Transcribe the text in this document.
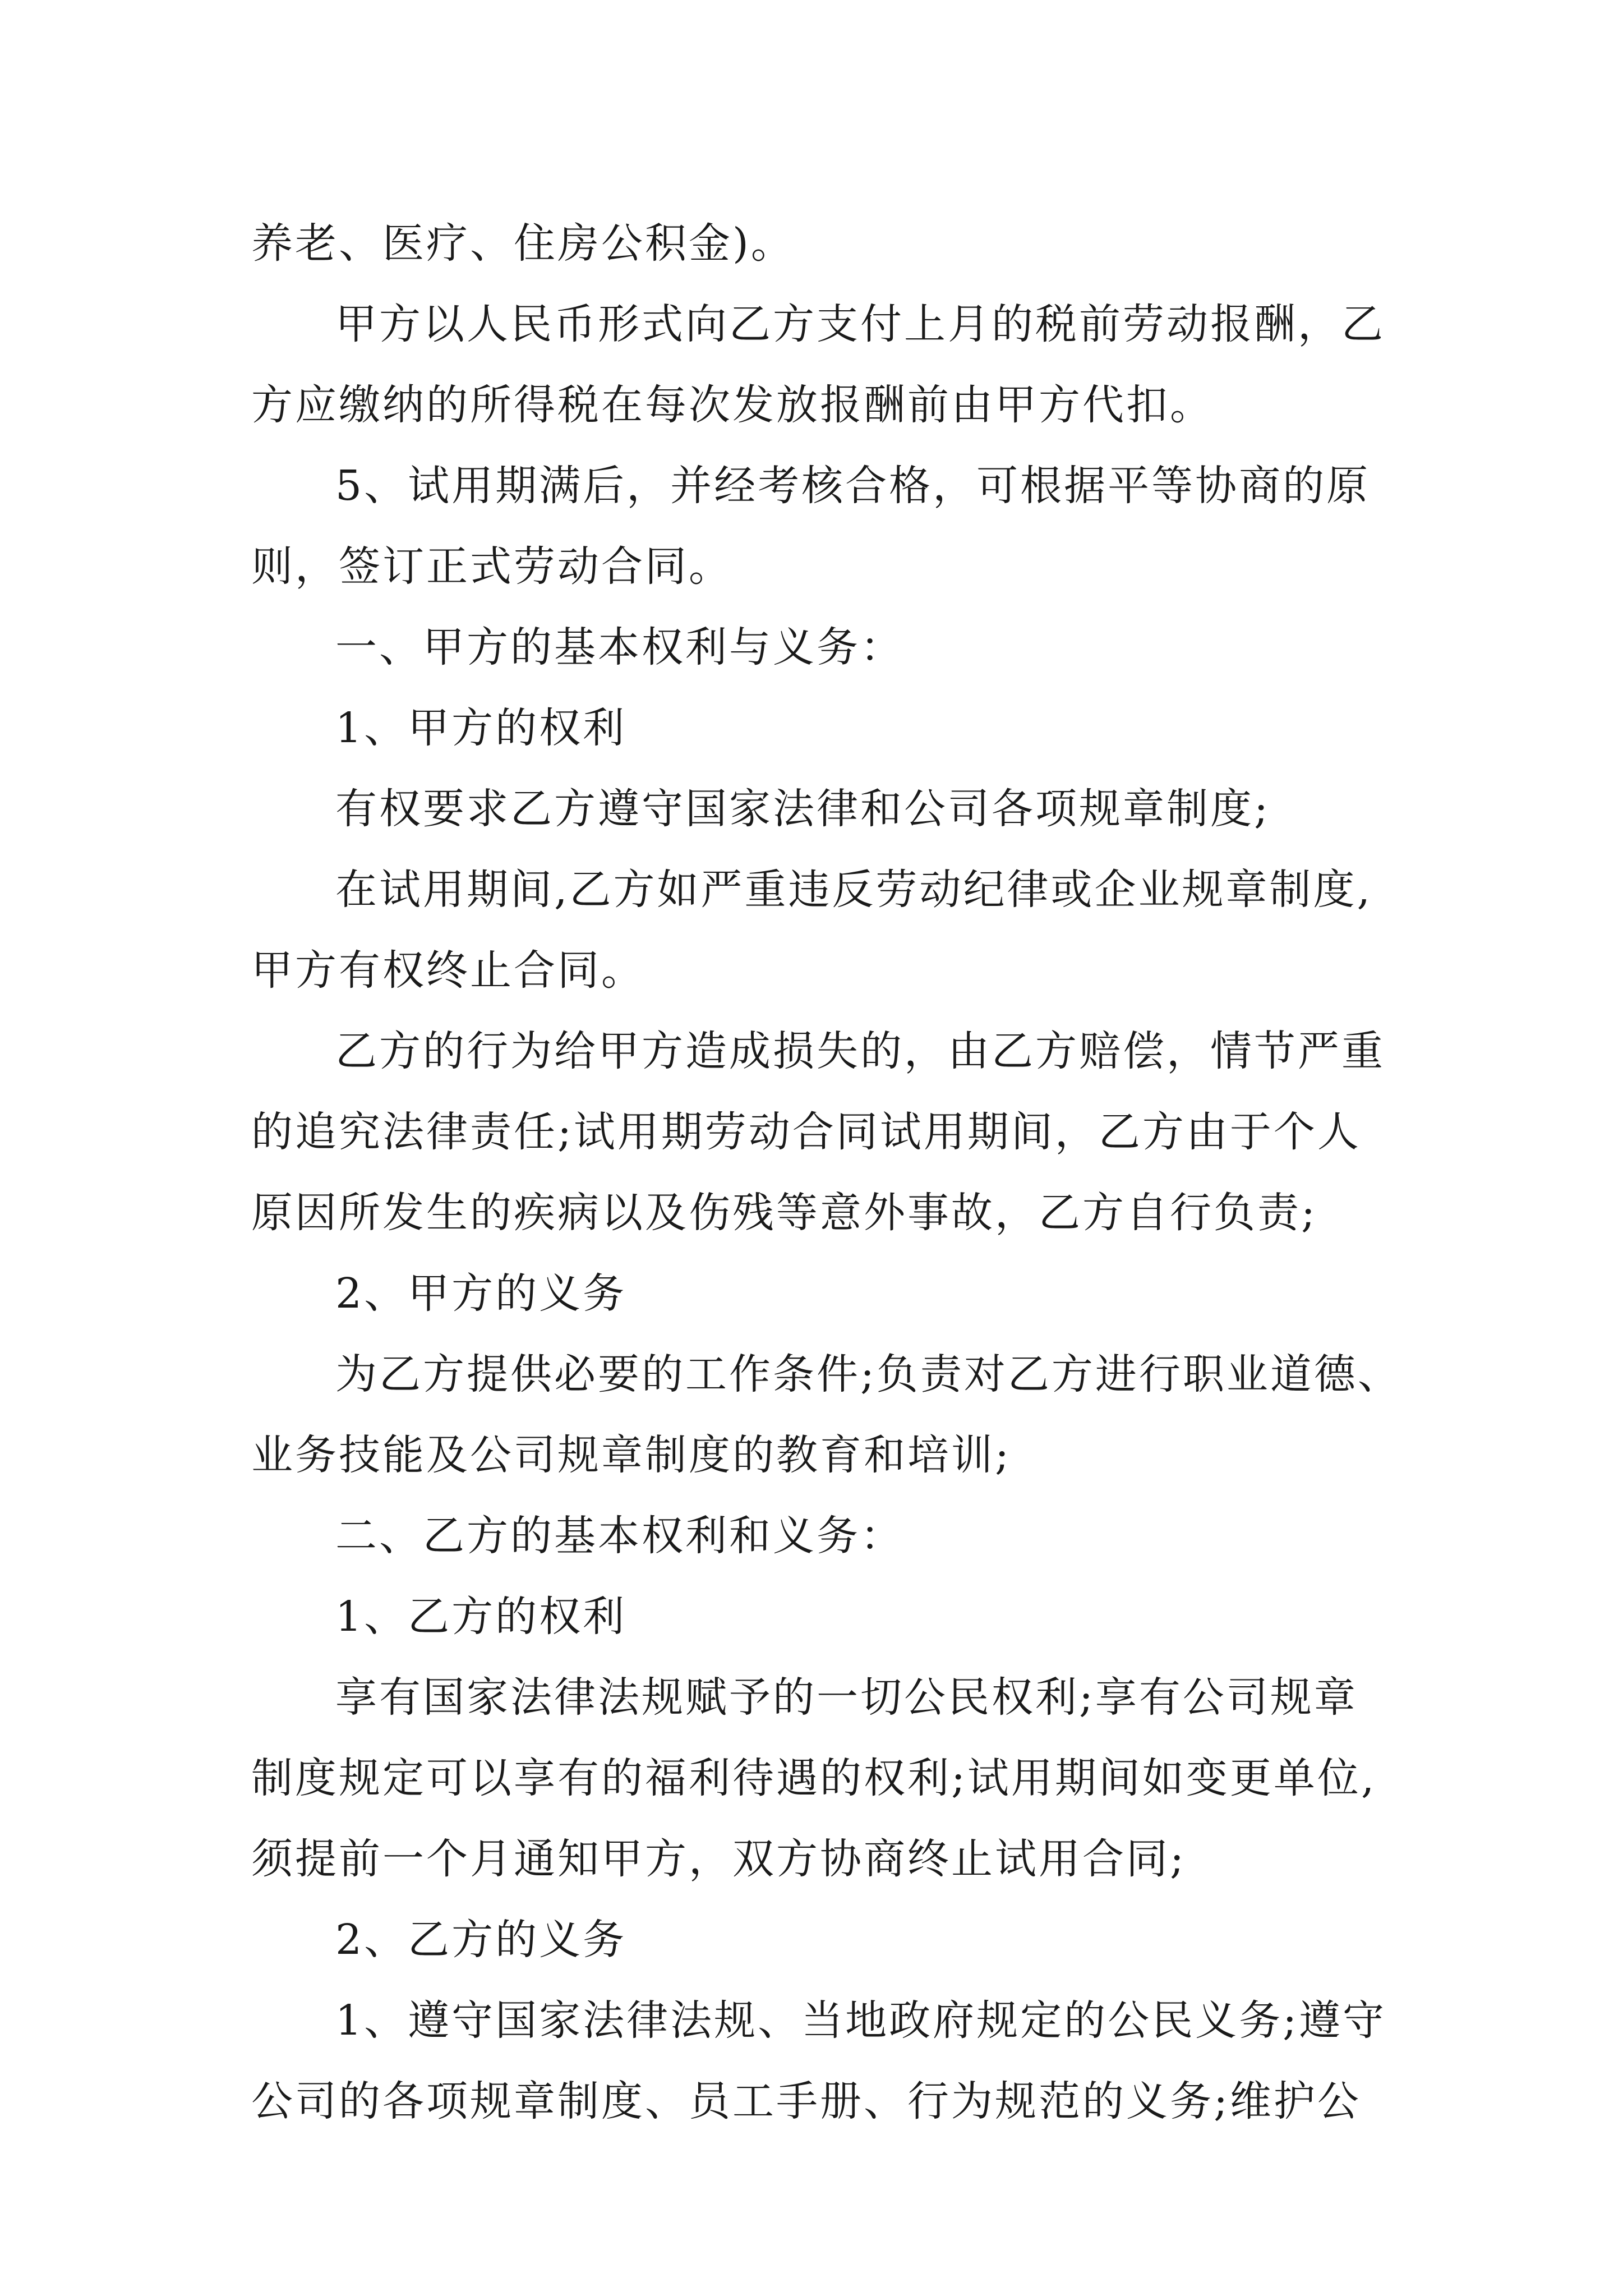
养老、医疗、住房公积金)。
甲方以人民币形式向乙方支付上月的税前劳动报酬，乙
方应缴纳的所得税在每次发放报酬前由甲方代扣。
5、试用期满后，并经考核合格，可根据平等协商的原
则，签订正式劳动合同。
一、甲方的基本权利与义务：
1、甲方的权利
有权要求乙方遵守国家法律和公司各项规章制度;
在试用期间,乙方如严重违反劳动纪律或企业规章制度,
甲方有权终止合同。
乙方的行为给甲方造成损失的，由乙方赔偿，情节严重
的追究法律责任;试用期劳动合同试用期间，乙方由于个人
原因所发生的疾病以及伤残等意外事故，乙方自行负责;
2、甲方的义务
为乙方提供必要的工作条件;负责对乙方进行职业道德、
业务技能及公司规章制度的教育和培训;
二、乙方的基本权利和义务：
1、乙方的权利
享有国家法律法规赋予的一切公民权利;享有公司规章
制度规定可以享有的福利待遇的权利;试用期间如变更单位,
须提前一个月通知甲方，双方协商终止试用合同;
2、乙方的义务
1、遵守国家法律法规、当地政府规定的公民义务;遵守
公司的各项规章制度、员工手册、行为规范的义务;维护公
